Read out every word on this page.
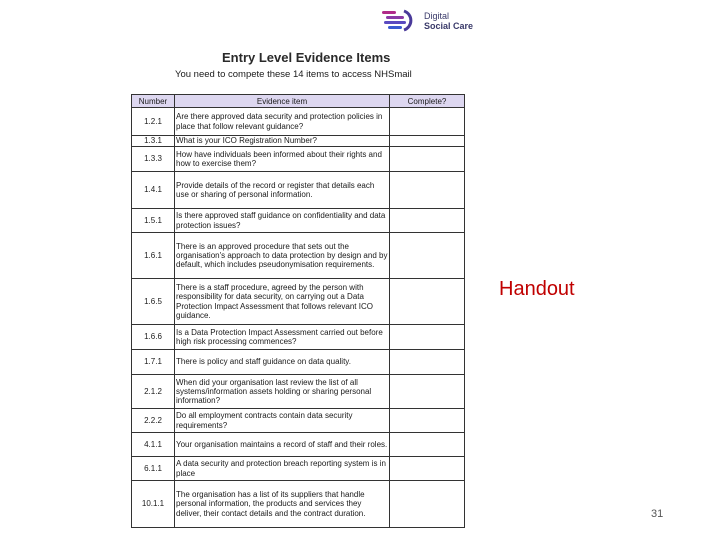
Digital
Social Care
Entry Level Evidence Items
You need to compete these 14 items to access NHSmail
Number	Evidence item	Complete?
1.2.1	Are there approved data security and protection policies in place that follow relevant guidance?	
1.3.1	What is your ICO Registration Number?	
1.3.3	How have individuals been informed about their rights and how to exercise them?	
1.4.1	Provide details of the record or register that details each use or sharing of personal information.	
1.5.1	Is there approved staff guidance on confidentiality and data protection issues?	
1.6.1	There is an approved procedure that sets out the organisation's approach to data protection by design and by default, which includes pseudonymisation requirements.	
1.6.5	There is a staff procedure, agreed by the person with responsibility for data security, on carrying out a Data Protection Impact Assessment that follows relevant ICO guidance.	
1.6.6	Is a Data Protection Impact Assessment carried out before high risk processing commences?	
1.7.1	There is policy and staff guidance on data quality.	
2.1.2	When did your organisation last review the list of all systems/information assets holding or sharing personal information?	
2.2.2	Do all employment contracts contain data security requirements?	
4.1.1	Your organisation maintains a record of staff and their roles.	
6.1.1	A data security and protection breach reporting system is in place	
10.1.1	The organisation has a list of its suppliers that handle personal information, the products and services they deliver, their contact details and the contract duration.	
Handout
31
